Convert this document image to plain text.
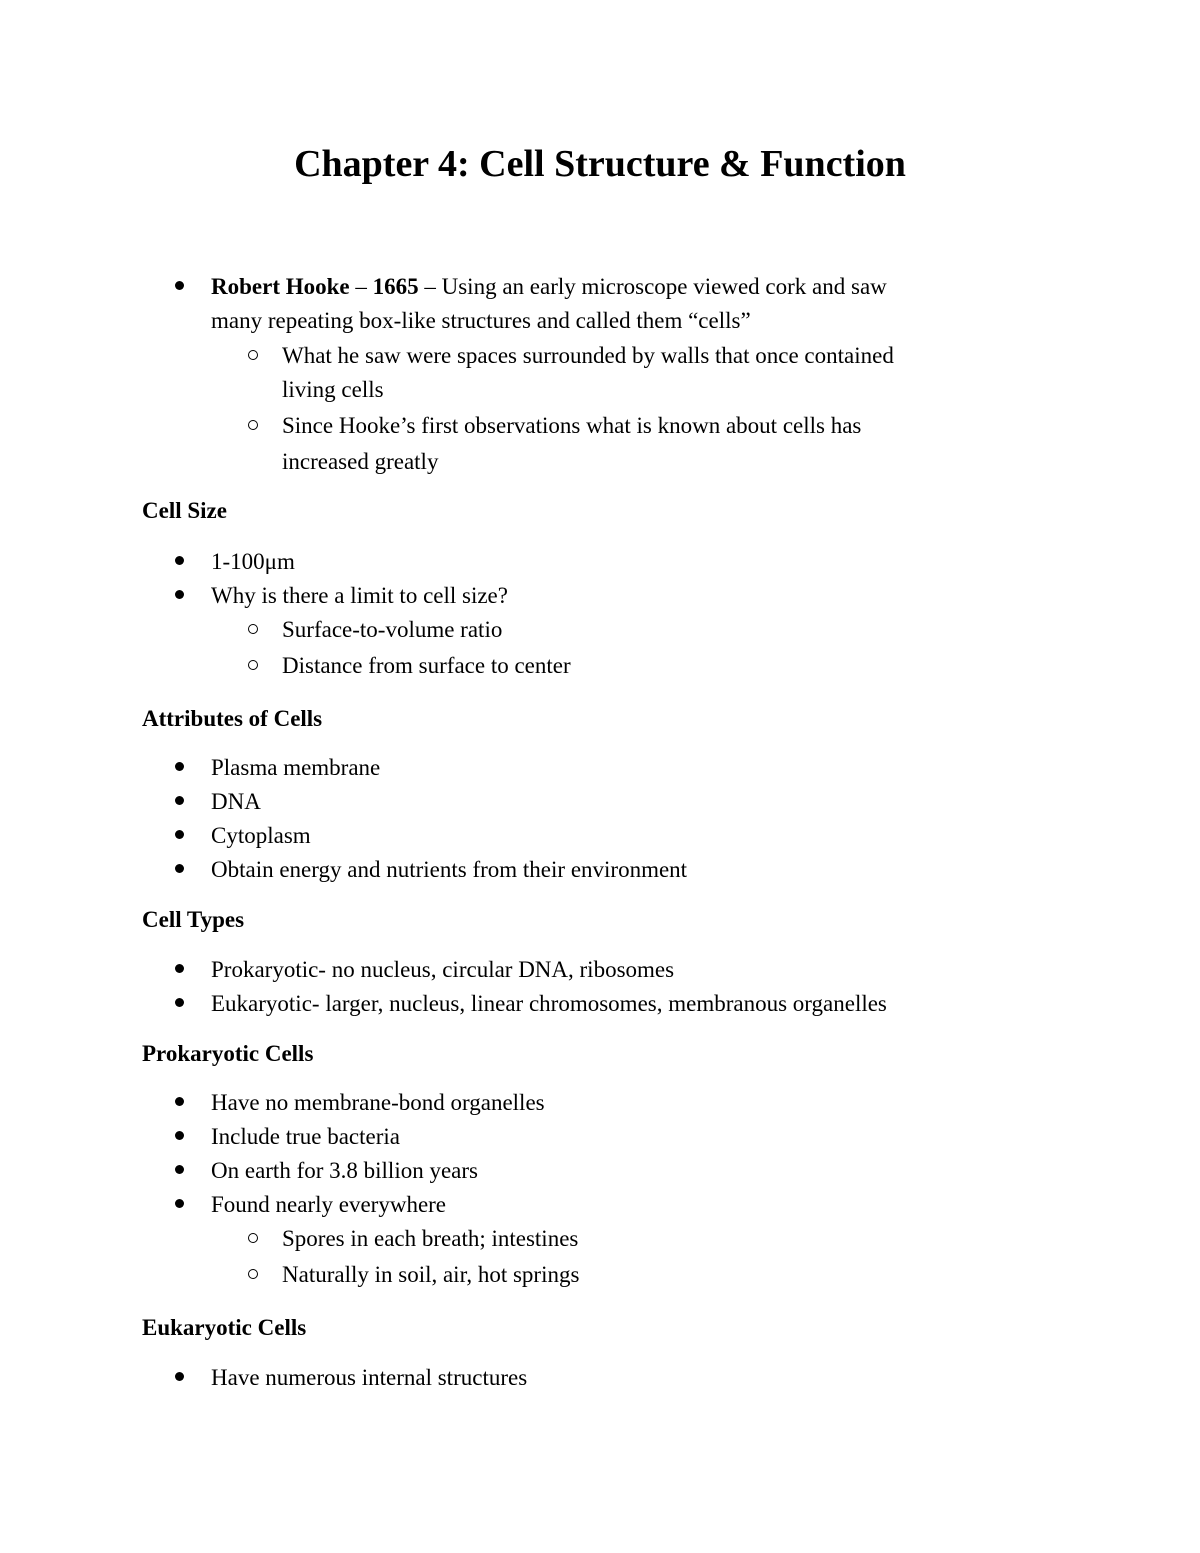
Chapter 4: Cell Structure & Function
Robert Hooke – 1665 – Using an early microscope viewed cork and saw
many repeating box-like structures and called them “cells”
What he saw were spaces surrounded by walls that once contained
living cells
Since Hooke’s first observations what is known about cells has
increased greatly
Cell Size
1-100μm
Why is there a limit to cell size?
Surface-to-volume ratio
Distance from surface to center
Attributes of Cells
Plasma membrane
DNA
Cytoplasm
Obtain energy and nutrients from their environment
Cell Types
Prokaryotic- no nucleus, circular DNA, ribosomes
Eukaryotic- larger, nucleus, linear chromosomes, membranous organelles
Prokaryotic Cells
Have no membrane-bond organelles
Include true bacteria
On earth for 3.8 billion years
Found nearly everywhere
Spores in each breath; intestines
Naturally in soil, air, hot springs
Eukaryotic Cells
Have numerous internal structures
